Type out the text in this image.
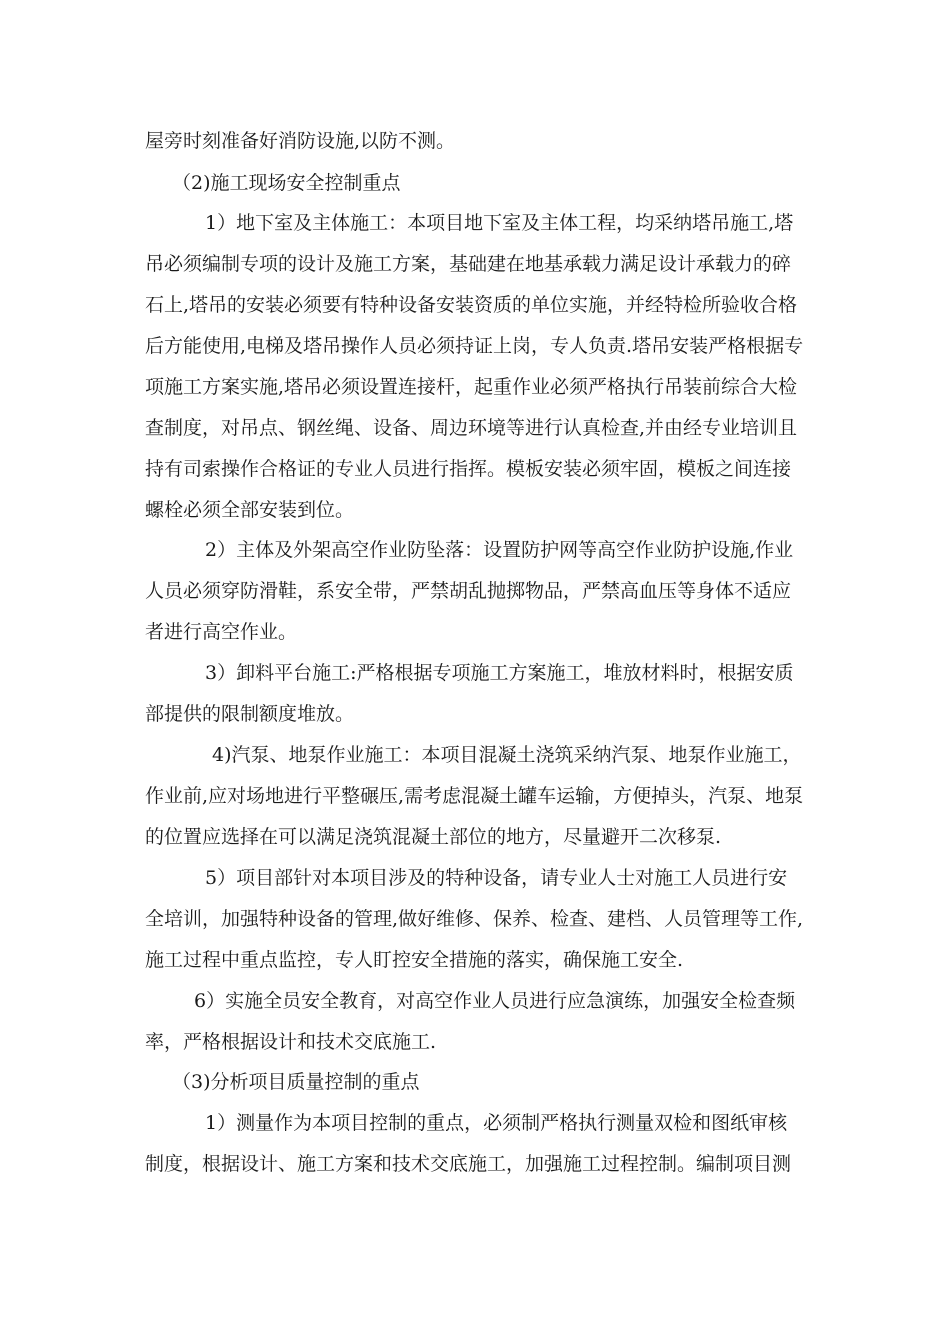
屋旁时刻准备好消防设施,以防不测。
（2)施工现场安全控制重点
1）地下室及主体施工：本项目地下室及主体工程，均采纳塔吊施工,塔
吊必须编制专项的设计及施工方案，基础建在地基承载力满足设计承载力的碎
石上,塔吊的安装必须要有特种设备安装资质的单位实施，并经特检所验收合格
后方能使用,电梯及塔吊操作人员必须持证上岗，专人负责.塔吊安装严格根据专
项施工方案实施,塔吊必须设置连接杆，起重作业必须严格执行吊装前综合大检
查制度，对吊点、钢丝绳、设备、周边环境等进行认真检查,并由经专业培训且
持有司索操作合格证的专业人员进行指挥。模板安装必须牢固，模板之间连接
螺栓必须全部安装到位。
2）主体及外架高空作业防坠落：设置防护网等高空作业防护设施,作业
人员必须穿防滑鞋，系安全带，严禁胡乱抛掷物品，严禁高血压等身体不适应
者进行高空作业。
3）卸料平台施工:严格根据专项施工方案施工，堆放材料时，根据安质
部提供的限制额度堆放。
4)汽泵、地泵作业施工：本项目混凝土浇筑采纳汽泵、地泵作业施工，
作业前,应对场地进行平整碾压,需考虑混凝土罐车运输，方便掉头，汽泵、地泵
的位置应选择在可以满足浇筑混凝土部位的地方，尽量避开二次移泵.
5）项目部针对本项目涉及的特种设备，请专业人士对施工人员进行安
全培训，加强特种设备的管理,做好维修、保养、检查、建档、人员管理等工作,
施工过程中重点监控，专人盯控安全措施的落实，确保施工安全.
6）实施全员安全教育，对高空作业人员进行应急演练，加强安全检查频
率，严格根据设计和技术交底施工.
（3)分析项目质量控制的重点
1）测量作为本项目控制的重点，必须制严格执行测量双检和图纸审核
制度，根据设计、施工方案和技术交底施工，加强施工过程控制。编制项目测
